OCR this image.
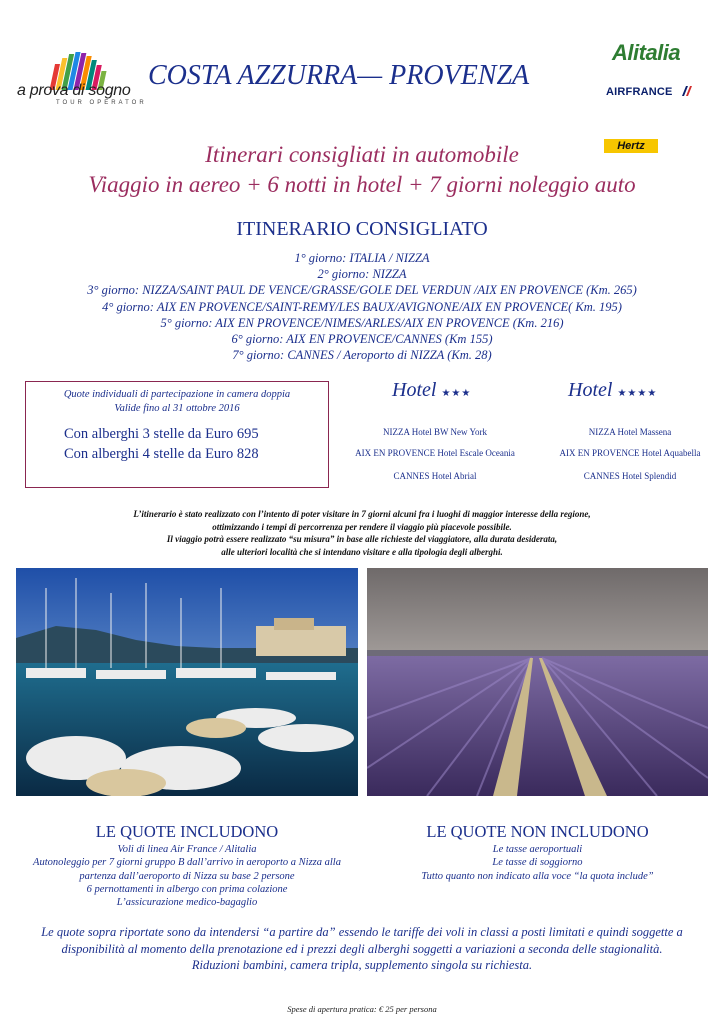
a prova di sogno
TOUR OPERATOR
COSTA AZZURRA— PROVENZA
Alitalia
AIRFRANCE
Hertz
Itinerari consigliati in automobile
Viaggio in aereo + 6 notti in hotel + 7 giorni noleggio auto
ITINERARIO CONSIGLIATO
1° giorno: ITALIA / NIZZA
2° giorno: NIZZA
3° giorno: NIZZA/SAINT PAUL DE VENCE/GRASSE/GOLE DEL VERDUN /AIX EN PROVENCE (Km. 265)
4° giorno: AIX EN PROVENCE/SAINT-REMY/LES BAUX/AVIGNONE/AIX EN PROVENCE( Km. 195)
5° giorno: AIX EN PROVENCE/NIMES/ARLES/AIX EN PROVENCE (Km. 216)
6° giorno: AIX EN PROVENCE/CANNES (Km 155)
7° giorno: CANNES / Aeroporto di NIZZA (Km. 28)
Quote individuali di partecipazione in camera doppia
Valide fino al 31 ottobre 2016
Con alberghi 3 stelle da Euro 695
Con alberghi 4 stelle da Euro 828
Hotel ★★★
NIZZA Hotel BW New York
AIX EN PROVENCE Hotel Escale Oceania
CANNES Hotel Abrial
Hotel ★★★★
NIZZA Hotel Massena
AIX EN PROVENCE Hotel Aquabella
CANNES Hotel Splendid
L’itinerario è stato realizzato con l’intento di poter visitare in 7 giorni alcuni fra i luoghi di maggior interesse della regione,
ottimizzando i tempi di percorrenza per rendere il viaggio più piacevole possibile.
Il viaggio potrà essere realizzato “su misura” in base alle richieste del viaggiatore, alla durata desiderata,
alle ulteriori località che si intendano visitare e alla tipologia degli alberghi.
LE QUOTE INCLUDONO
Voli di linea Air France / Alitalia
Autonoleggio per 7 giorni gruppo B dall’arrivo in aeroporto a Nizza alla
partenza dall’aeroporto di Nizza su base 2 persone
6 pernottamenti in albergo con prima colazione
L’assicurazione medico-bagaglio
LE QUOTE NON INCLUDONO
Le tasse aeroportuali
Le tasse di soggiorno
Tutto quanto non indicato alla voce “la quota include”
Le quote sopra riportate sono da intendersi “a partire da” essendo le tariffe dei voli in classi a posti limitati e quindi soggette a
disponibilità al momento della prenotazione ed i prezzi degli alberghi soggetti a variazioni a seconda delle stagionalità.
Riduzioni bambini, camera tripla, supplemento singola su richiesta.
Spese di apertura pratica: € 25 per persona
